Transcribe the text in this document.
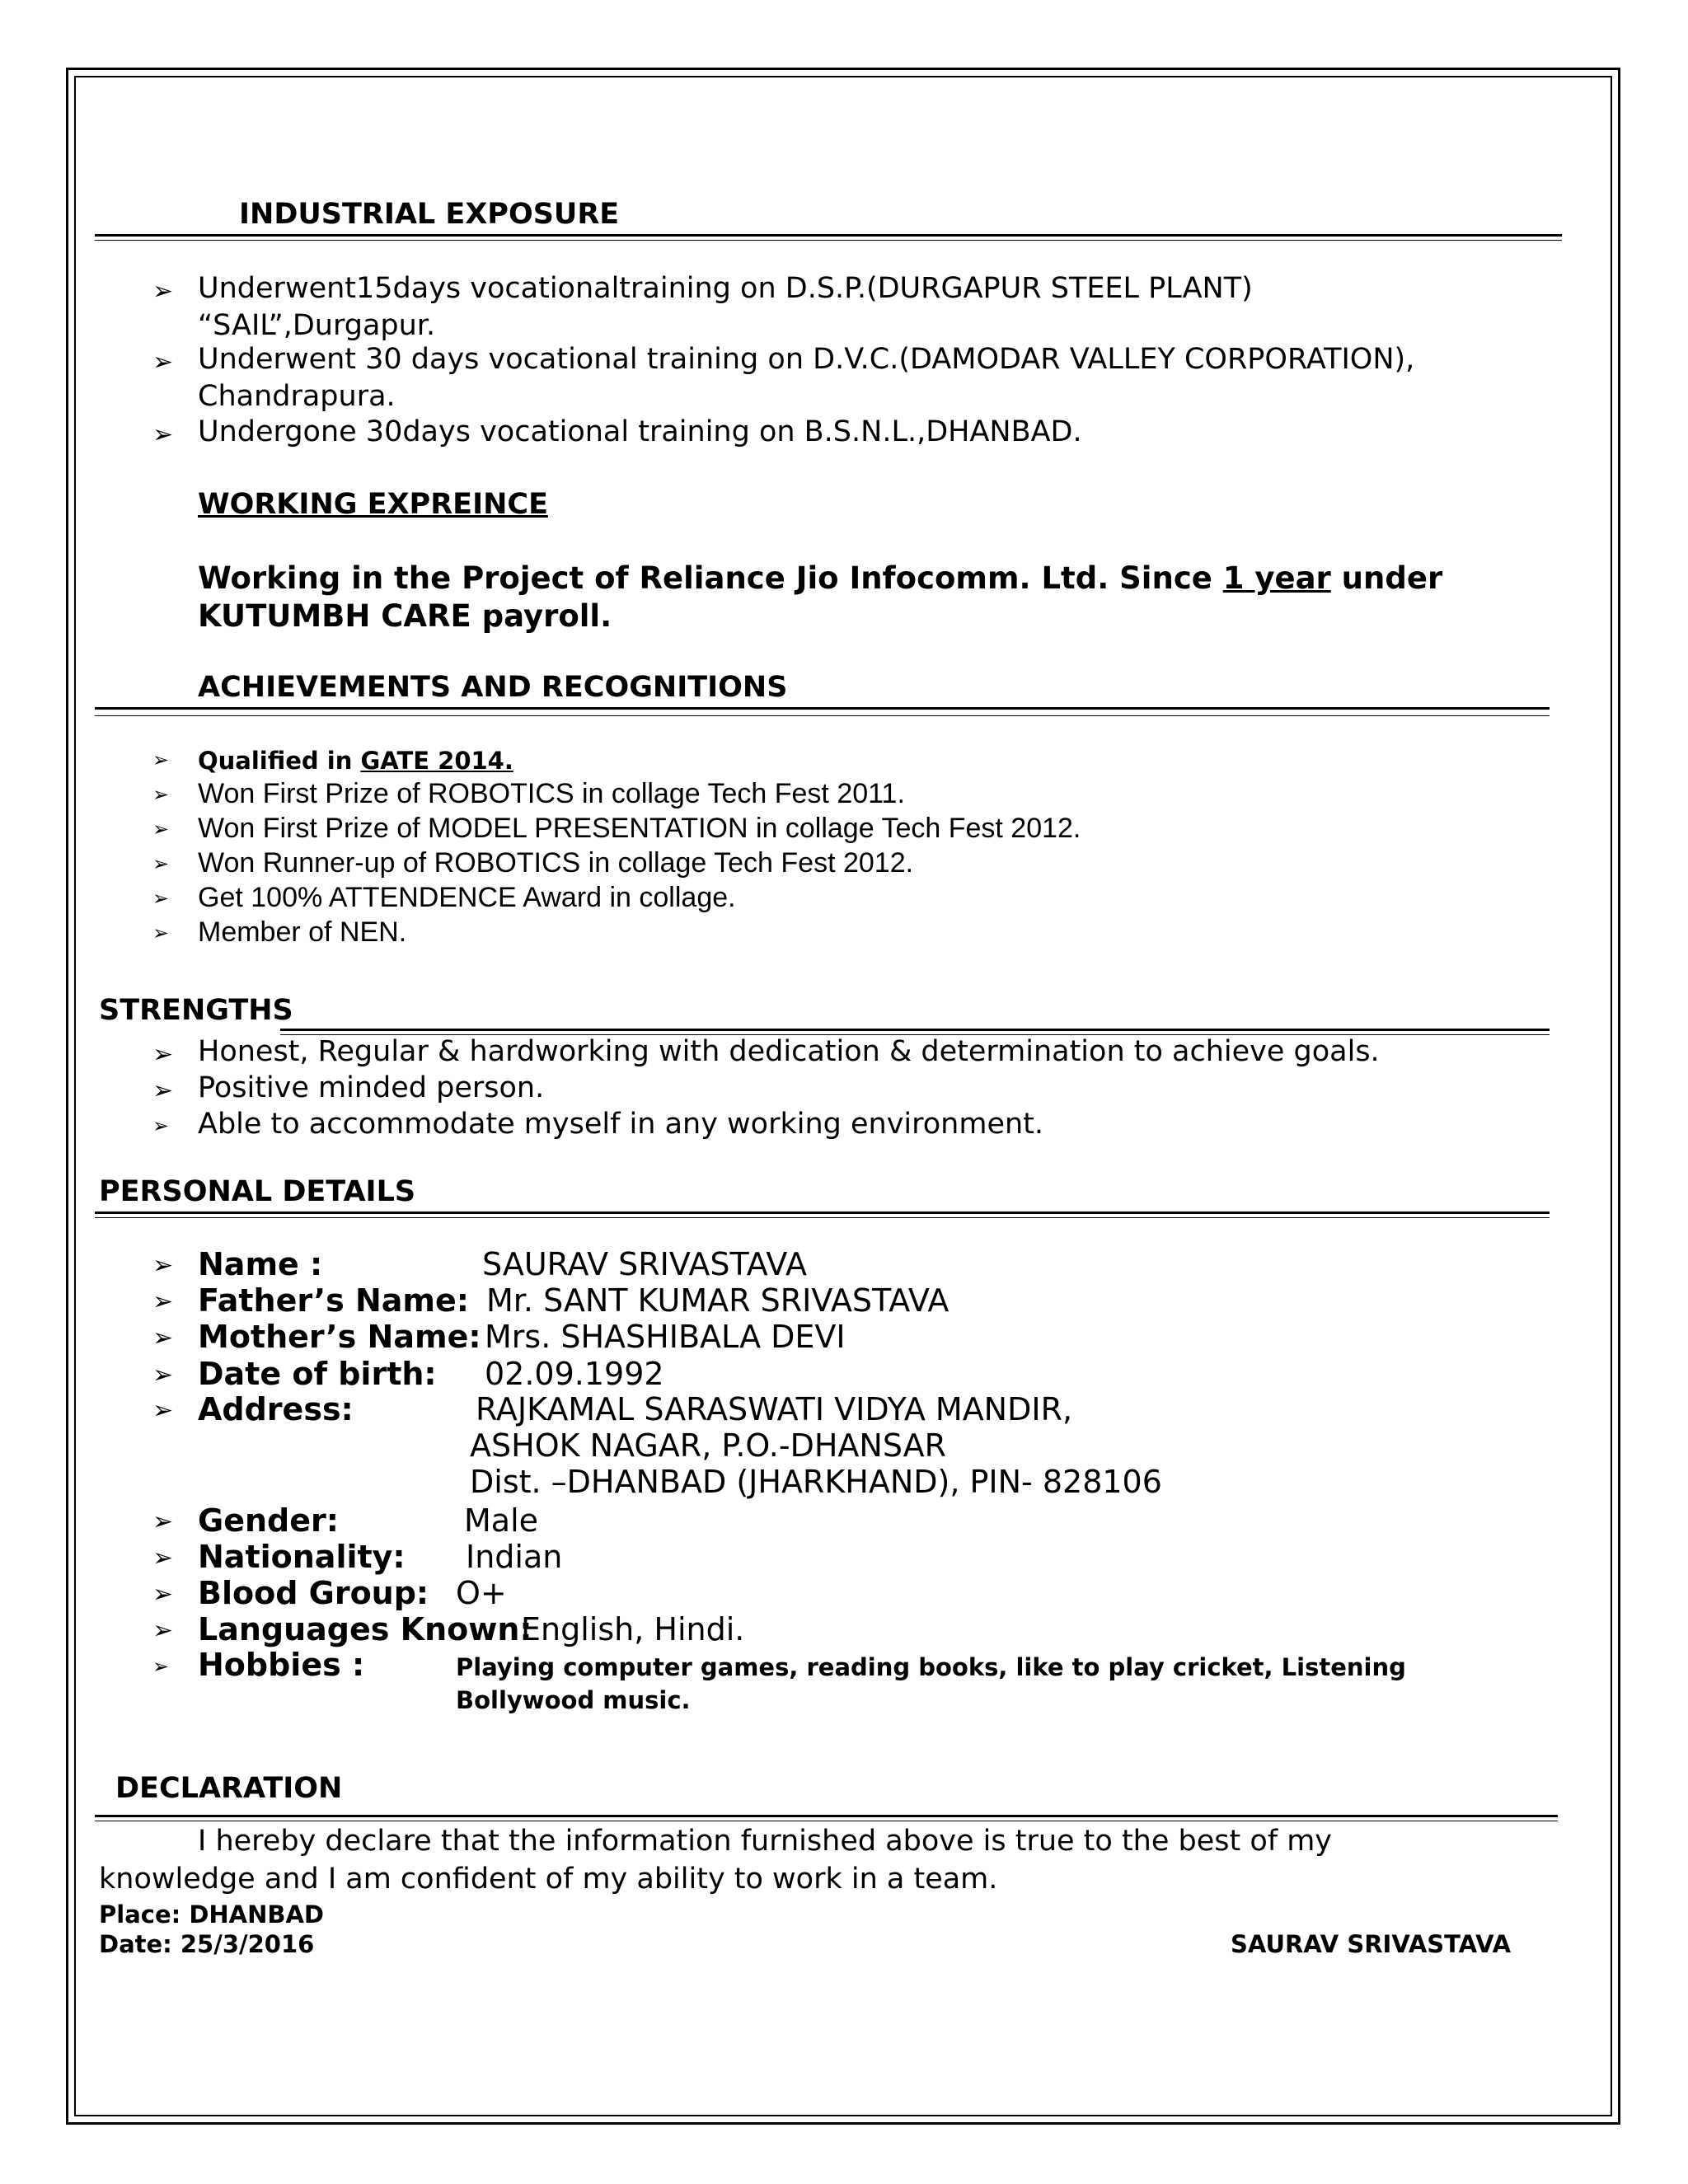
INDUSTRIAL EXPOSURE
➢ Underwent15days vocationaltraining on D.S.P.(DURGAPUR STEEL PLANT)
“SAIL”,Durgapur.
➢ Underwent 30 days vocational training on D.V.C.(DAMODAR VALLEY CORPORATION),
Chandrapura.
➢ Undergone 30days vocational training on B.S.N.L.,DHANBAD.
WORKING EXPREINCE
Working in the Project of Reliance Jio Infocomm. Ltd. Since 1 year under
KUTUMBH CARE payroll.
ACHIEVEMENTS AND RECOGNITIONS
➢ Qualified in GATE 2014.
➢ Won First Prize of ROBOTICS in collage Tech Fest 2011.
➢ Won First Prize of MODEL PRESENTATION in collage Tech Fest 2012.
➢ Won Runner-up of ROBOTICS in collage Tech Fest 2012.
➢ Get 100% ATTENDENCE Award in collage.
➢ Member of NEN.
STRENGTHS
➢ Honest, Regular & hardworking with dedication & determination to achieve goals.
➢ Positive minded person.
➢ Able to accommodate myself in any working environment.
PERSONAL DETAILS
➢ Name :	SAURAV SRIVASTAVA
➢ Father’s Name: Mr. SANT KUMAR SRIVASTAVA
➢ Mother’s Name: Mrs. SHASHIBALA DEVI
➢ Date of birth: 02.09.1992
➢ Address:	RAJKAMAL SARASWATI VIDYA MANDIR,
ASHOK NAGAR, P.O.-DHANSAR
Dist. –DHANBAD (JHARKHAND), PIN- 828106
➢ Gender:	Male
➢ Nationality: Indian
➢ Blood Group: O+
➢ Languages Known:
English, Hindi.
➢ Hobbies :	Playing computer games, reading books, like to play cricket, Listening
Bollywood music.
DECLARATION
I hereby declare that the information furnished above is true to the best of my
knowledge and I am confident of my ability to work in a team.
Place: DHANBAD
Date: 25/3/2016	SAURAV SRIVASTAVA
